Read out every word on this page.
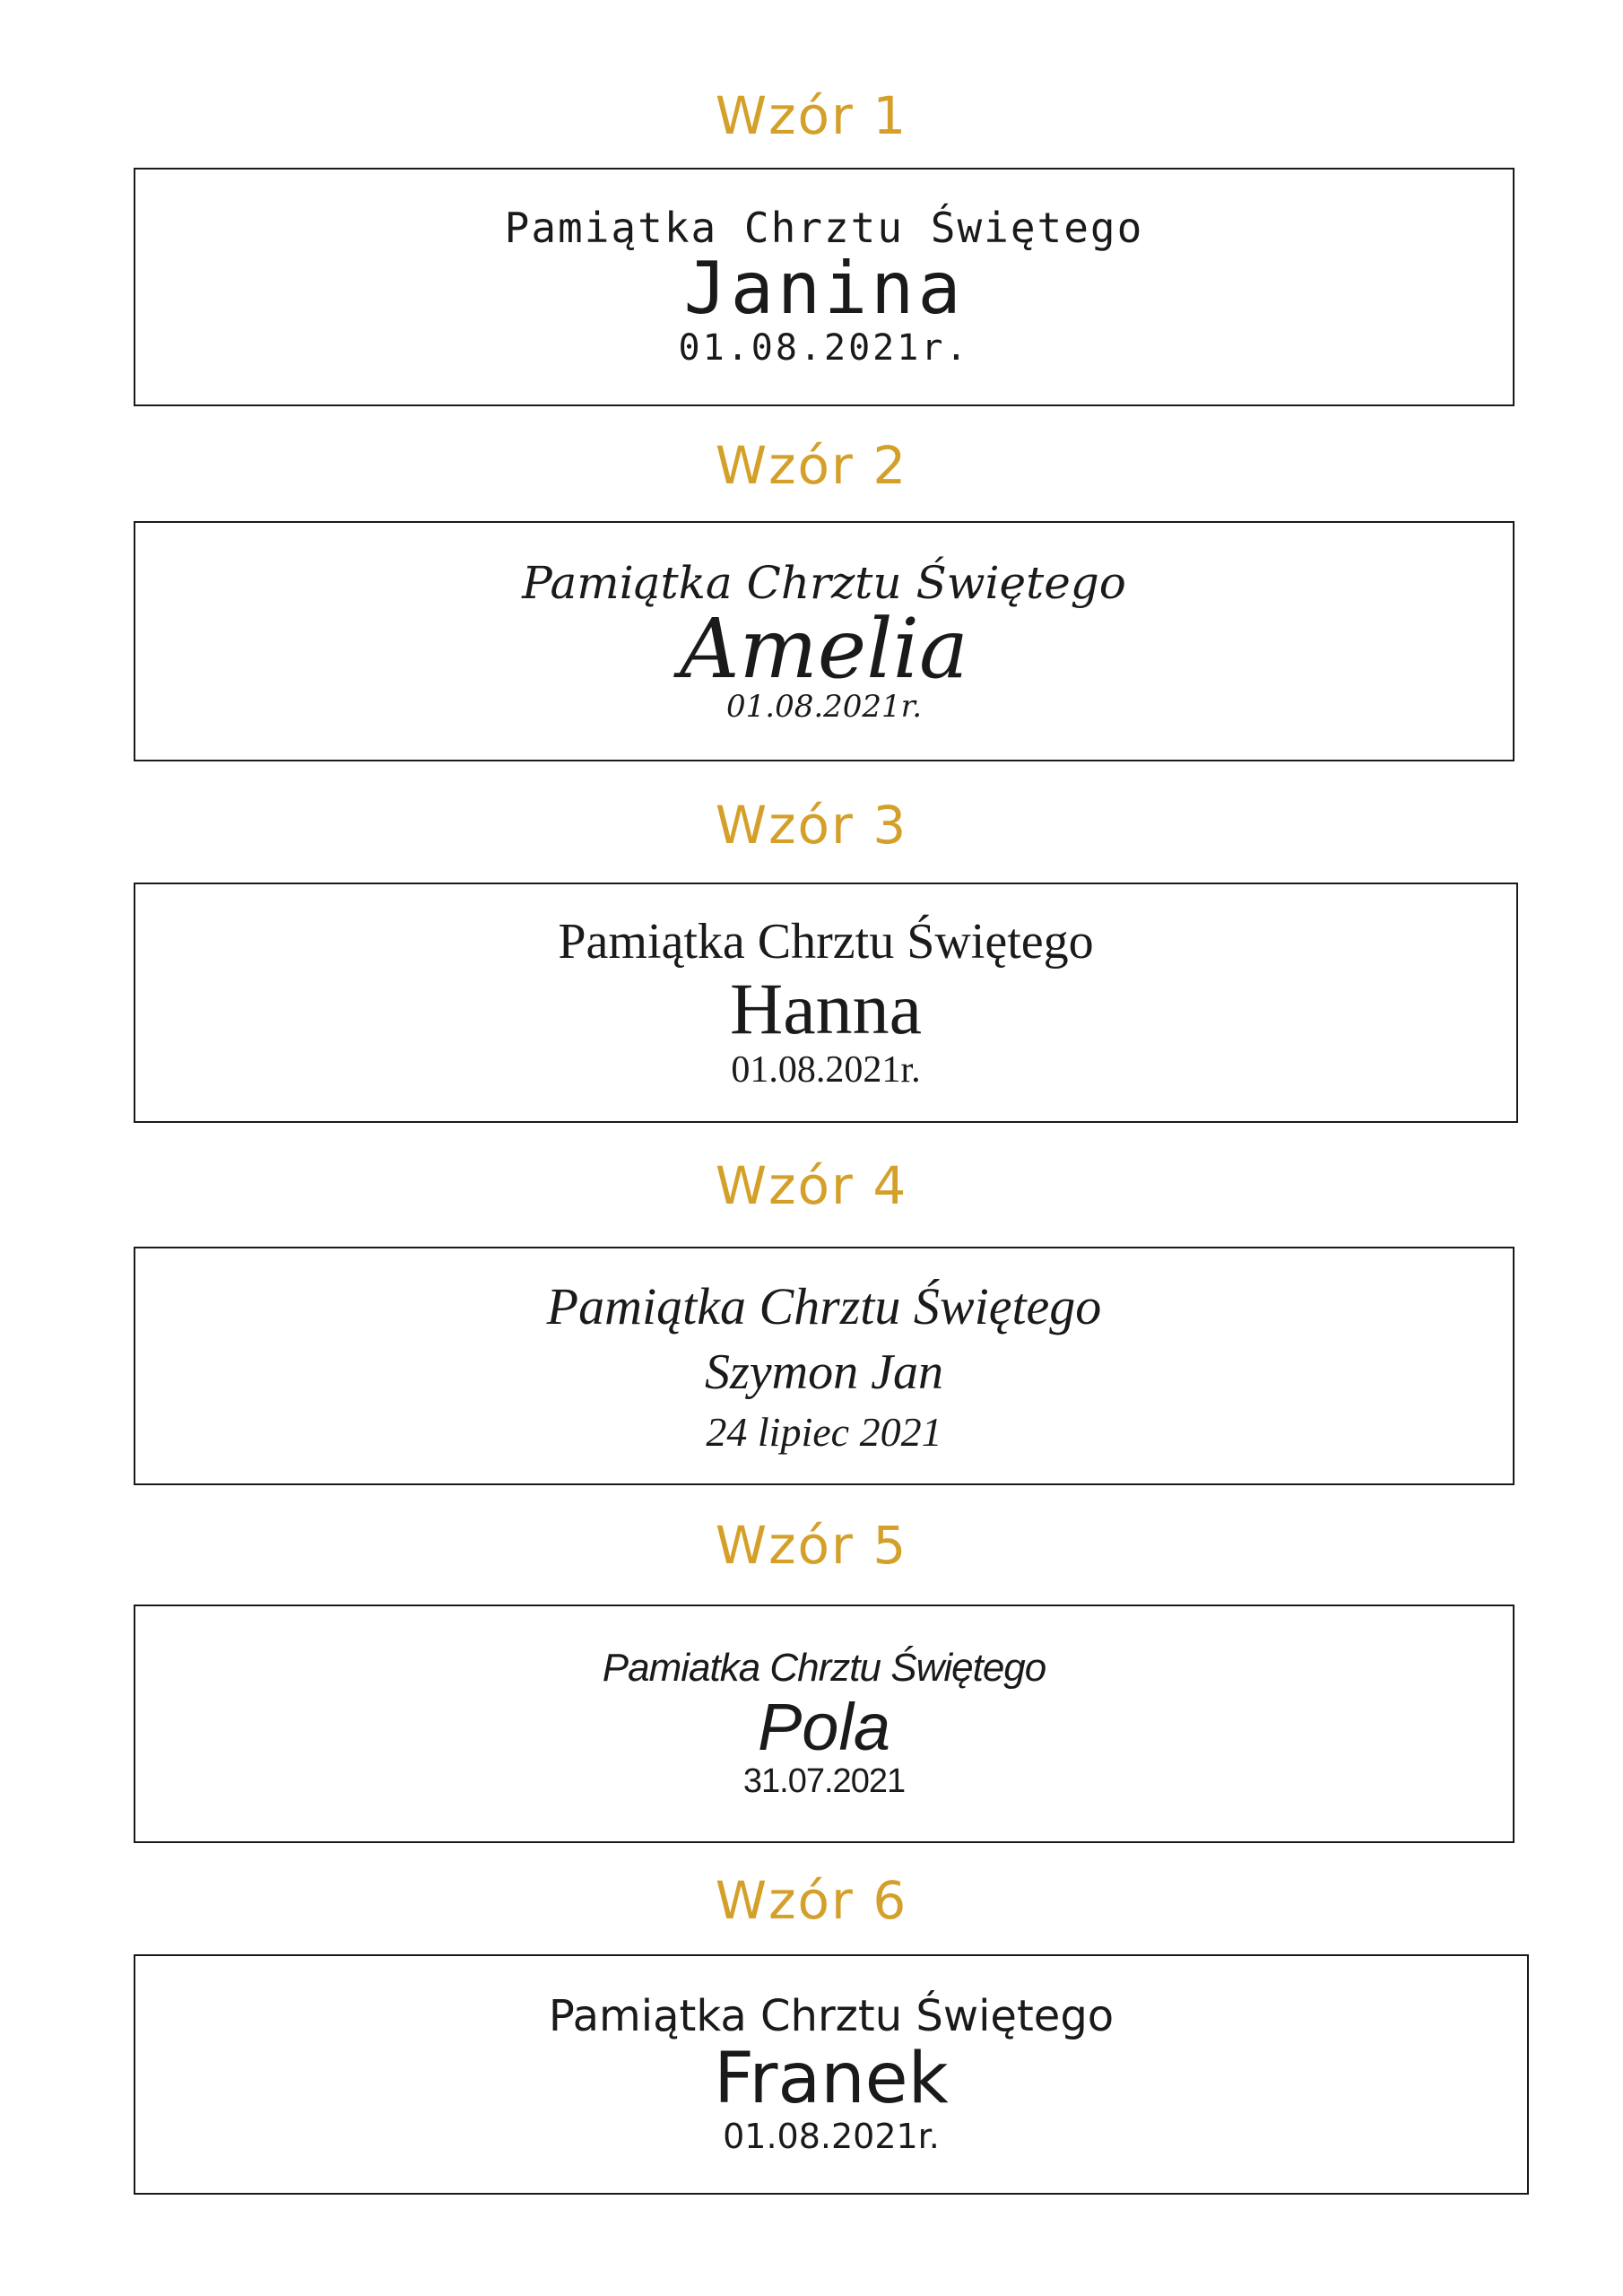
Wzór 1
Pamiątka Chrztu Świętego
Janina
01.08.2021r.
Wzór 2
Pamiątka Chrztu Świętego
Amelia
01.08.2021r.
Wzór 3
Pamiątka Chrztu Świętego
Hanna
01.08.2021r.
Wzór 4
Pamiątka Chrztu Świętego
Szymon Jan
24 lipiec 2021
Wzór 5
Pamiatka Chrztu Świętego
Pola
31.07.2021
Wzór 6
Pamiątka Chrztu Świętego
Franek
01.08.2021r.
